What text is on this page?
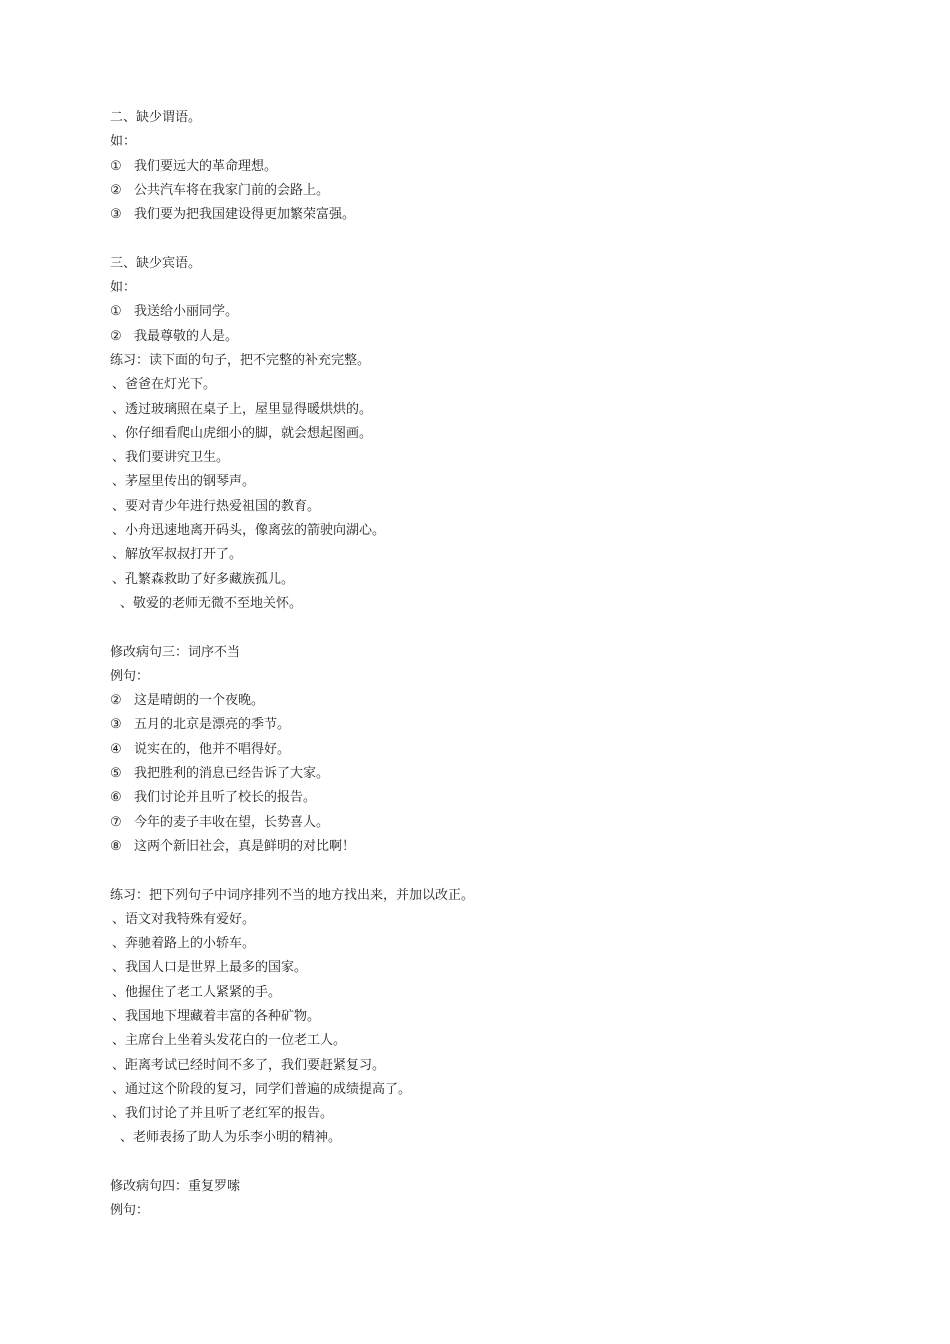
二、缺少谓语。
如：
① 我们要远大的革命理想。
② 公共汽车将在我家门前的会路上。
③ 我们要为把我国建设得更加繁荣富强。
三、缺少宾语。
如：
① 我送给小丽同学。
② 我最尊敬的人是。
练习：读下面的句子，把不完整的补充完整。
、爸爸在灯光下。
、透过玻璃照在桌子上，屋里显得暖烘烘的。
、你仔细看爬山虎细小的脚，就会想起图画。
、我们要讲究卫生。
、茅屋里传出的钢琴声。
、要对青少年进行热爱祖国的教育。
、小舟迅速地离开码头，像离弦的箭驶向湖心。
、解放军叔叔打开了。
、孔繁森救助了好多藏族孤儿。
、敬爱的老师无微不至地关怀。
修改病句三：词序不当
例句：
② 这是晴朗的一个夜晚。
③ 五月的北京是漂亮的季节。
④ 说实在的，他并不唱得好。
⑤ 我把胜利的消息已经告诉了大家。
⑥ 我们讨论并且听了校长的报告。
⑦ 今年的麦子丰收在望，长势喜人。
⑧ 这两个新旧社会，真是鲜明的对比啊！
练习：把下列句子中词序排列不当的地方找出来，并加以改正。
、语文对我特殊有爱好。
、奔驰着路上的小轿车。
、我国人口是世界上最多的国家。
、他握住了老工人紧紧的手。
、我国地下埋藏着丰富的各种矿物。
、主席台上坐着头发花白的一位老工人。
、距离考试已经时间不多了，我们要赶紧复习。
、通过这个阶段的复习，同学们普遍的成绩提高了。
、我们讨论了并且听了老红军的报告。
、老师表扬了助人为乐李小明的精神。
修改病句四：重复罗嗦
例句：
